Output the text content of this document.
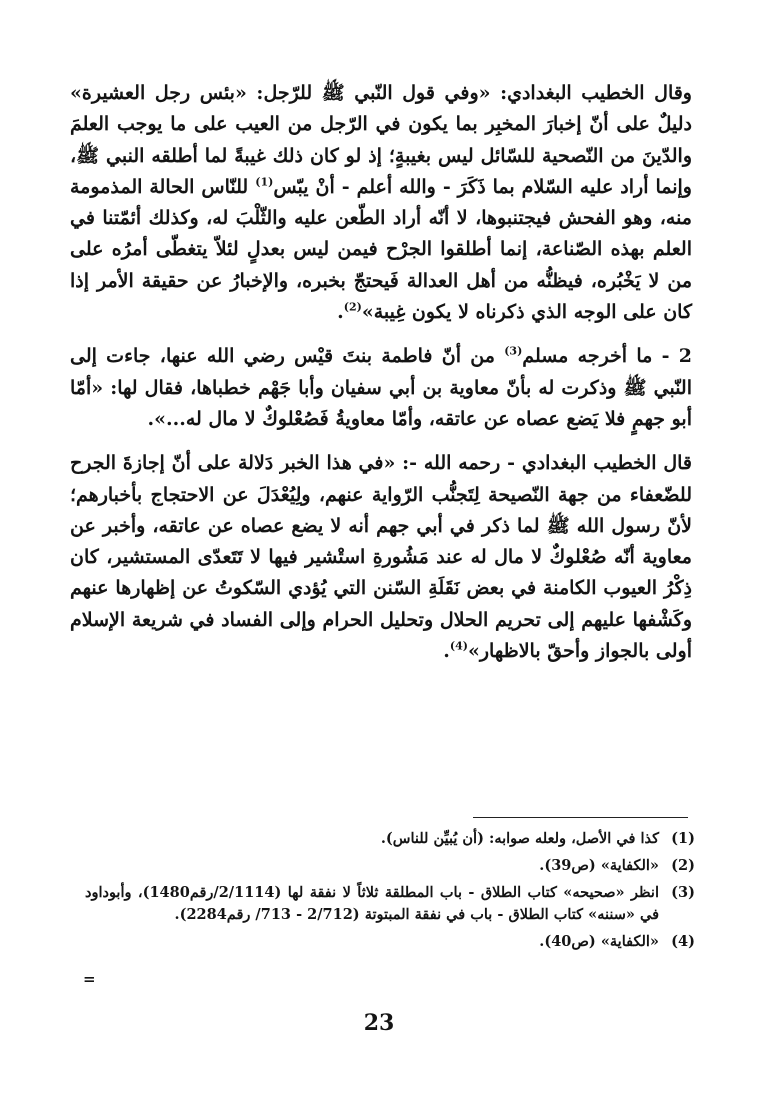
وقال الخطيب البغدادي: «وفي قول النّبي ﷺ للرّجل: «بئس رجل العشيرة» دليلٌ على أنّ إخبارَ المخبِر بما يكون في الرّجل من العيب على ما يوجب العلمَ والدّينَ من النّصحية للسّائل ليس بغيبةٍ؛ إذ لو كان ذلك غيبةً لما أطلقه النبي ﷺ، وإنما أراد عليه السّلام بما ذَكَرَ - والله أعلم - أنْ يبّس$^{(1)}$ للنّاس الحالة المذمومة منه، وهو الفحش فيجتنبوها، لا أنّه أراد الطّعن عليه والثّلْبَ له، وكذلك أئمّتنا في العلم بهذه الصّناعة، إنما أطلقوا الجرْح فيمن ليس بعدلٍ لئلاّ يتغطّى أمرُه على من لا يَخْبُره، فيظنُّه من أهل العدالة فَيحتجّ بخبره، والإخبارُ عن حقيقة الأمر إذا كان على الوجه الذي ذكرناه لا يكون غِيبة»$^{(2)}$.

2 - ما أخرجه مسلم$^{(3)}$ من أنّ فاطمة بنتَ قيْس رضي الله عنها، جاءت إلى النّبي ﷺ وذكرت له بأنّ معاوية بن أبي سفيان وأبا جَهْم خطباها، فقال لها: «أمّا أبو جهمٍ فلا يَضع عصاه عن عاتقه، وأمّا معاويةُ فَصُعْلوكٌ لا مال له...».

قال الخطيب البغدادي - رحمه الله -: «في هذا الخبر دَلالة على أنّ إجازةَ الجرح للضّعفاء من جهة النّصيحة لِتَجنُّب الرّواية عنهم، ولِيُعْدَلَ عن الاحتجاج بأخبارهم؛ لأنّ رسول الله ﷺ لما ذكر في أبي جهم أنه لا يضع عصاه عن عاتقه، وأخبر عن معاوية أنّه صُعْلوكٌ لا مال له عند مَشُورةِ استْشير فيها لا تَتَعدّى المستشير، كان ذِكْرُ العيوب الكامنة في بعض نَقَلَةِ السّنن التي يُؤدي السّكوتُ عن إظهارها عنهم وكَشْفها عليهم إلى تحريم الحلال وتحليل الحرام وإلى الفساد في شريعة الإسلام أولى بالجواز وأحقّ بالاظهار»$^{(4)}$.

(1)
كذا في الأصل، ولعله صوابه: (أن يُبيِّن للناس).
(2)
«الكفاية» (ص39).
(3)
انظر «صحيحه» كتاب الطلاق - باب المطلقة ثلاثاً لا نفقة لها (2/1114/رقم1480)، وأبوداود في «سننه» كتاب الطلاق - باب في نفقة المبتوتة (2/712 - 713/ رقم2284).
(4)
«الكفاية» (ص40).
=
23
